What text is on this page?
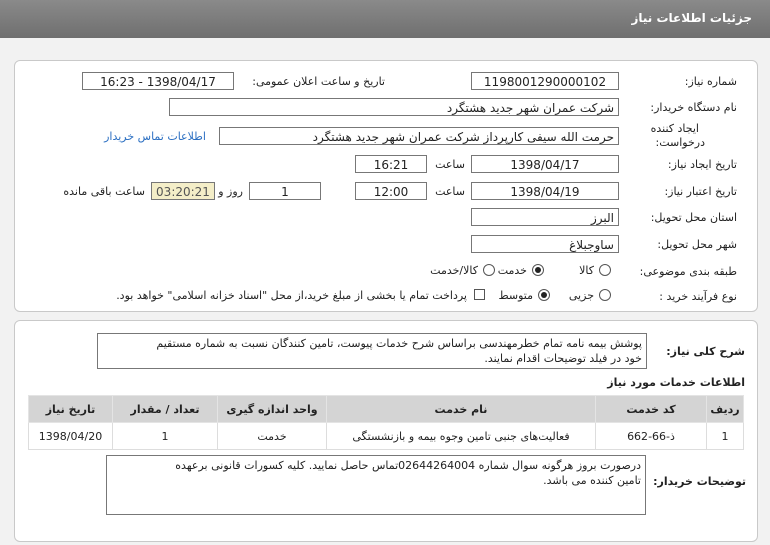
جزئیات اطلاعات نیاز
شماره نیاز:
1198001290000102
تاریخ و ساعت اعلان عمومی:
1398/04/17 - 16:23
نام دستگاه خریدار:
شرکت عمران شهر جدید هشتگرد
ایجاد کننده
درخواست:
حرمت الله سیفی کارپرداز شرکت عمران شهر جدید هشتگرد
اطلاعات تماس خریدار
تاریخ ایجاد نیاز:
1398/04/17
ساعت
16:21
تاریخ اعتبار نیاز:
1398/04/19
ساعت
12:00
1
روز و
03:20:21
ساعت باقی مانده
استان محل تحویل:
البرز
شهر محل تحویل:
ساوجبلاغ
طبقه بندی موضوعی:
کالا
خدمت
کالا/خدمت
نوع فرآیند خرید :
جزیی
متوسط
پرداخت تمام یا بخشی از مبلغ خرید،از محل "اسناد خزانه اسلامی" خواهد بود.
شرح کلی نیاز:
پوشش بیمه نامه تمام خطرمهندسی براساس شرح خدمات پیوست، تامین کنندگان نسبت به شماره مستقیم
خود در فیلد توضیحات اقدام نمایند.
اطلاعات خدمات مورد نیاز
ردیف	کد خدمت	نام خدمت	واحد اندازه گیری	تعداد / مقدار	تاریخ نیاز
1	ذ-66-662	فعالیت‌های جنبی تامین وجوه بیمه و بازنشستگی	خدمت	1	1398/04/20
توضیحات خریدار:
درصورت بروز هرگونه سوال شماره 02644264004تماس حاصل نمایید. کلیه کسورات قانونی برعهده
تامین کننده می باشد.
